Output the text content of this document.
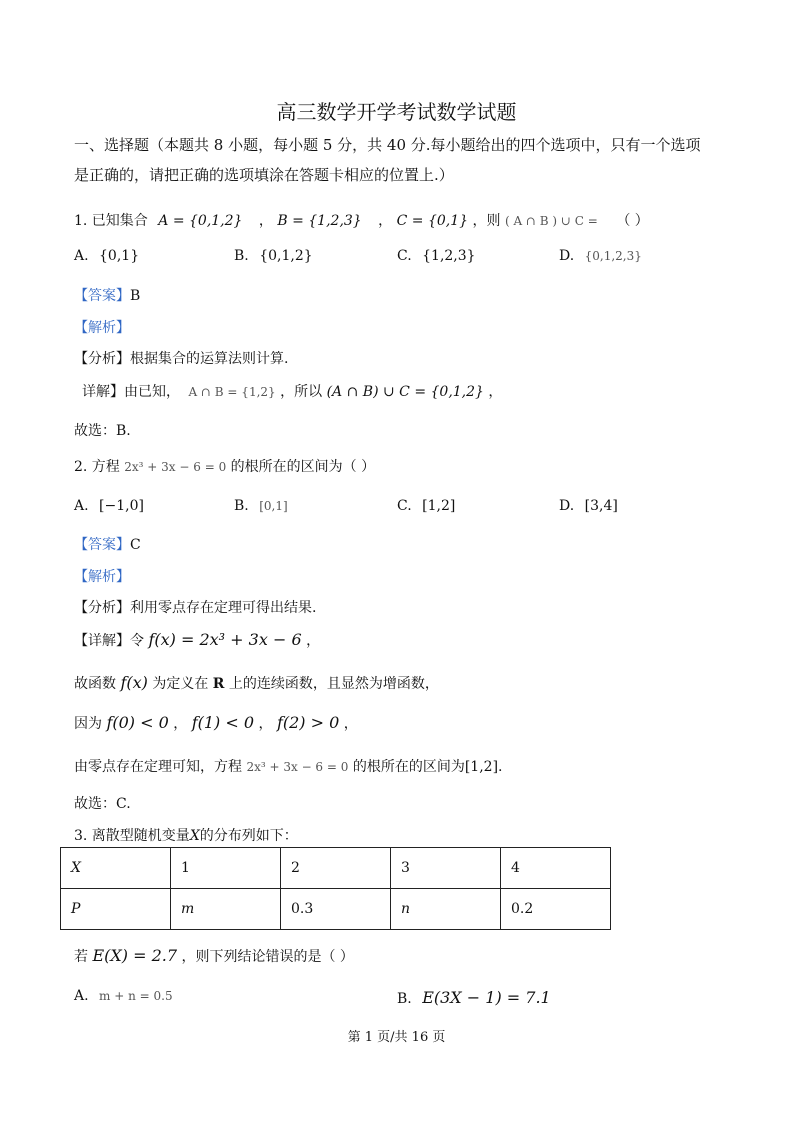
高三数学开学考试数学试题
一、选择题（本题共 8 小题，每小题 5 分，共 40 分.每小题给出的四个选项中，只有一个选项
是正确的，请把正确的选项填涂在答题卡相应的位置上.）
1. 已知集合 A = {0,1,2} ， B = {1,2,3} ， C = {0,1} ，则 ( A ∩ B ) ∪ C = （ ）
A. {0,1}	B. {0,1,2}	C. {1,2,3}	D. {0,1,2,3}
【答案】B
【解析】
【分析】根据集合的运算法则计算.
详解】由已知， A ∩ B = {1,2} ，所以 (A ∩ B) ∪ C = {0,1,2} ，
故选：B.
2. 方程 2x³ + 3x − 6 = 0 的根所在的区间为（ ）
A. [−1,0]	B. [0,1]	C. [1,2]	D. [3,4]
【答案】C
【解析】
【分析】利用零点存在定理可得出结果.
【详解】令 f(x) = 2x³ + 3x − 6 ，
故函数 f(x) 为定义在 R 上的连续函数，且显然为增函数，
因为 f(0) < 0 ， f(1) < 0 ， f(2) > 0 ，
由零点存在定理可知，方程 2x³ + 3x − 6 = 0 的根所在的区间为[1,2].
故选：C.
3. 离散型随机变量X的分布列如下：
X	1	2	3	4
P	m	0.3	n	0.2
若 E(X) = 2.7 ，则下列结论错误的是（ ）
A. m + n = 0.5	B. E(3X − 1) = 7.1
第 1 页/共 16 页
